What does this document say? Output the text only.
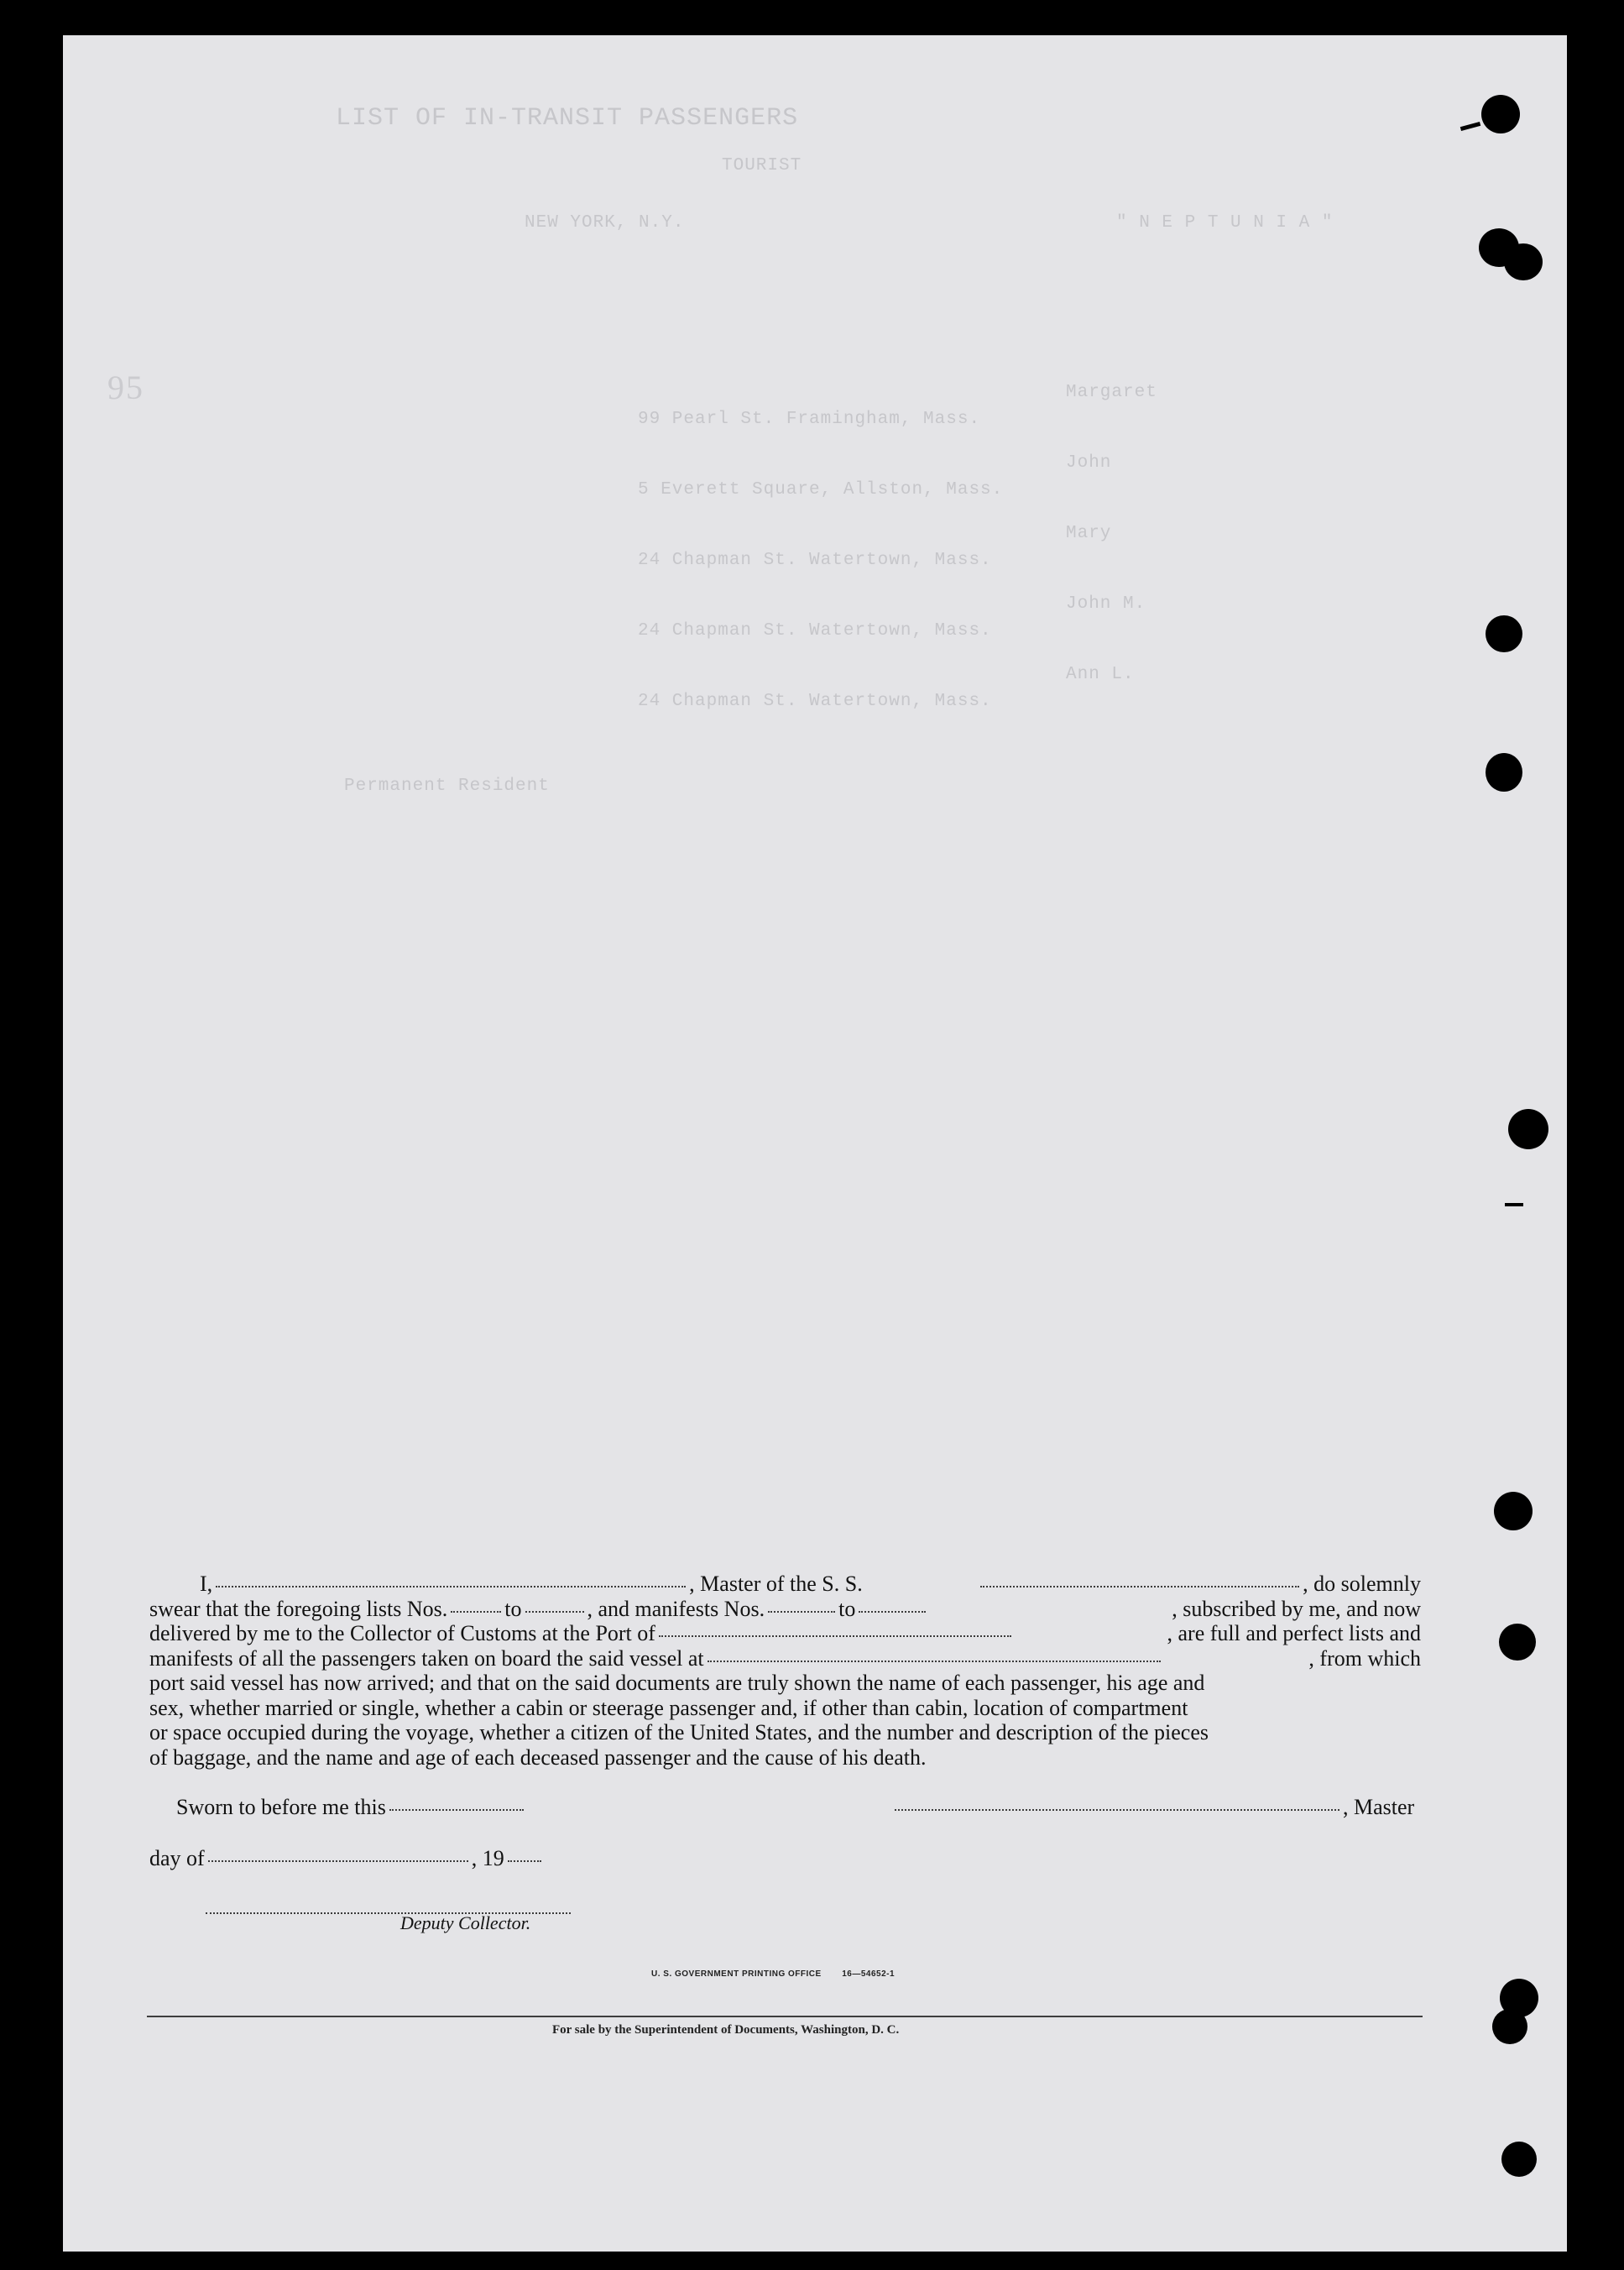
LIST OF IN-TRANSIT PASSENGERS
TOURIST
NEW YORK, N.Y.	" N E P T U N I A "
95	Margaret
99 Pearl St. Framingham, Mass.
John
5 Everett Square, Allston, Mass.
Mary
24 Chapman St. Watertown, Mass.
John M.
24 Chapman St. Watertown, Mass.
Ann L.
24 Chapman St. Watertown, Mass.
Permanent Resident
I,	, Master of the S. S.	, do solemnly
swear that the foregoing lists Nos.	to	, and manifests Nos.	to	, subscribed by me, and now
delivered by me to the Collector of Customs at the Port of	, are full and perfect lists and
manifests of all the passengers taken on board the said vessel at	, from which
port said vessel has now arrived; and that on the said documents are truly shown the name of each passenger, his age and
sex, whether married or single, whether a cabin or steerage passenger and, if other than cabin, location of compartment
or space occupied during the voyage, whether a citizen of the United States, and the number and description of the pieces
of baggage, and the name and age of each deceased passenger and the cause of his death.
Sworn to before me this	, Master
day of	, 19
Deputy Collector.
U. S. GOVERNMENT PRINTING OFFICE 16—54652-1
For sale by the Superintendent of Documents, Washington, D. C.
